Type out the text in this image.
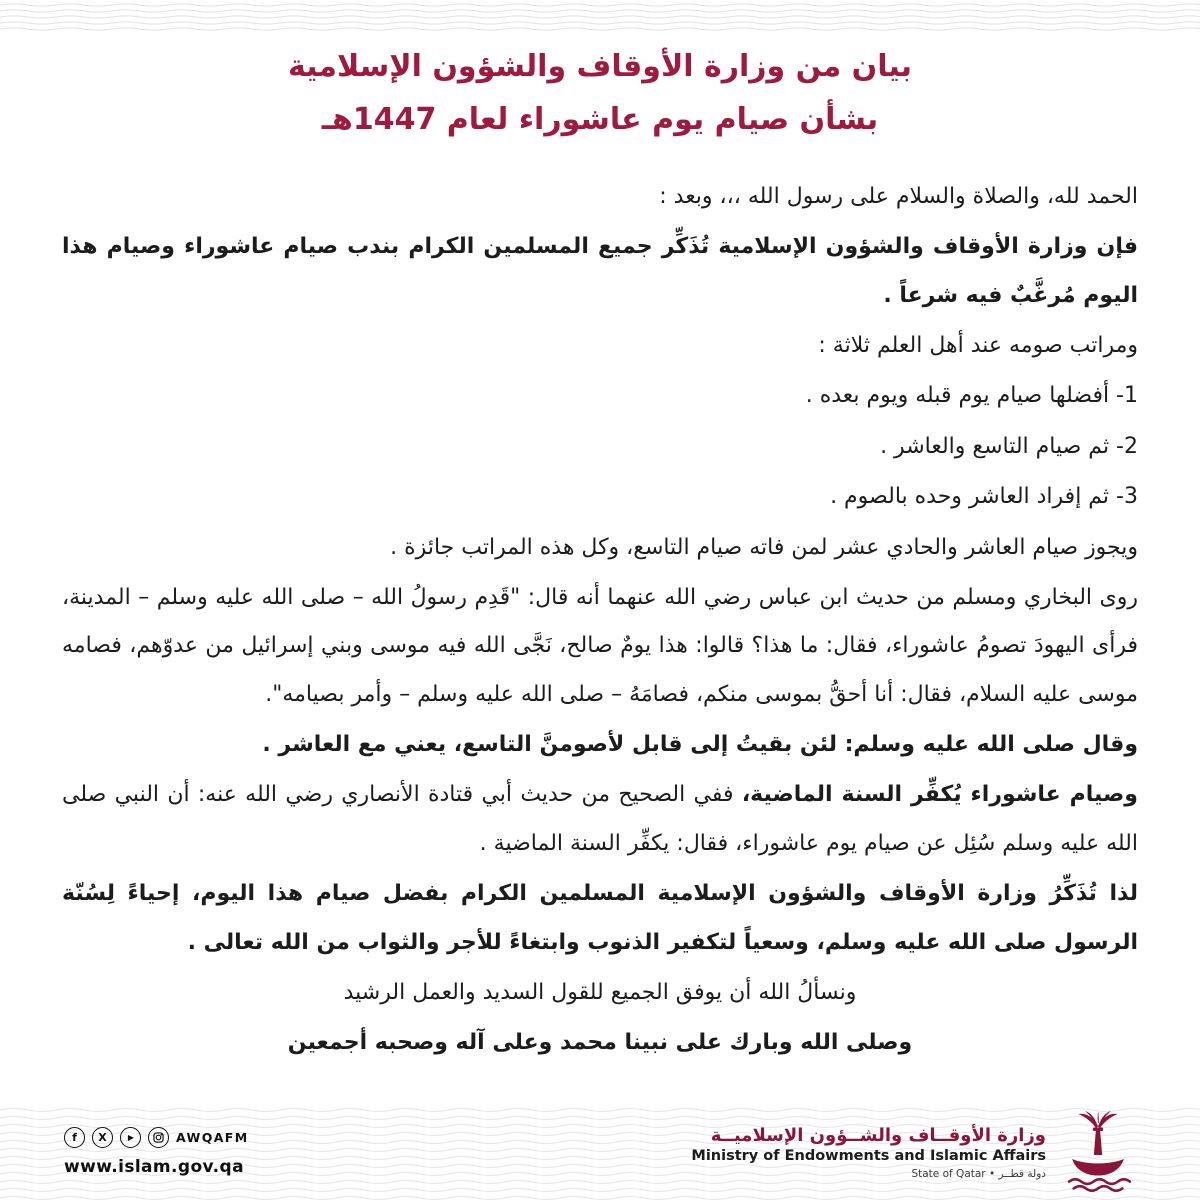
بيان من وزارة الأوقاف والشؤون الإسلامية
بشأن صيام يوم عاشوراء لعام 1447هـ

الحمد لله، والصلاة والسلام على رسول الله ،،، وبعد :

فإن وزارة الأوقاف والشؤون الإسلامية تُذَكِّر جميع المسلمين الكرام بندب صيام عاشوراء وصيام هذا اليوم مُرغَّبٌ فيه شرعاً .

ومراتب صومه عند أهل العلم ثلاثة :

1- أفضلها صيام يوم قبله ويوم بعده .

2- ثم صيام التاسع والعاشر .

3- ثم إفراد العاشر وحده بالصوم .

ويجوز صيام العاشر والحادي عشر لمن فاته صيام التاسع، وكل هذه المراتب جائزة .

روى البخاري ومسلم من حديث ابن عباس رضي الله عنهما أنه قال: "قَدِم رسولُ الله – صلى الله عليه وسلم – المدينة، فرأى اليهودَ تصومُ عاشوراء، فقال: ما هذا؟ قالوا: هذا يومٌ صالح، نَجَّى الله فيه موسى وبني إسرائيل من عدوّهم، فصامه موسى عليه السلام، فقال: أنا أحقُّ بموسى منكم، فصامَهُ – صلى الله عليه وسلم – وأمر بصيامه".

وقال صلى الله عليه وسلم: لئن بقيتُ إلى قابل لأصومنَّ التاسع، يعني مع العاشر .

وصيام عاشوراء يُكفِّر السنة الماضية، ففي الصحيح من حديث أبي قتادة الأنصاري رضي الله عنه: أن النبي صلى الله عليه وسلم سُئِل عن صيام يوم عاشوراء، فقال: يكفِّر السنة الماضية .

لذا تُذَكِّرُ وزارة الأوقاف والشؤون الإسلامية المسلمين الكرام بفضل صيام هذا اليوم، إحياءً لِسُنّة الرسول صلى الله عليه وسلم، وسعياً لتكفير الذنوب وابتغاءً للأجر والثواب من الله تعالى .

ونسألُ الله أن يوفق الجميع للقول السديد والعمل الرشيد

وصلى الله وبارك على نبينا محمد وعلى آله وصحبه أجمعين

f	X	▶	AWQAFM
www.islam.gov.qa
وزارة الأوقــاف والشــؤون الإسلاميــة
Ministry of Endowments and Islamic Affairs
دولة قطــر • State of Qatar
